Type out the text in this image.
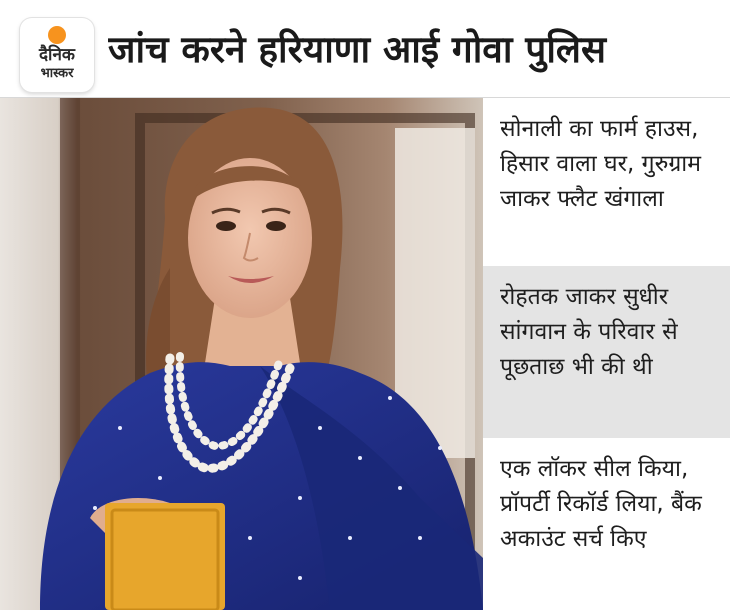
दैनिक
भास्कर
जांच करने हरियाणा आई गोवा पुलिस
सोनाली का फार्म हाउस, हिसार वाला घर, गुरुग्राम जाकर फ्लैट खंगाला
रोहतक जाकर सुधीर सांगवान के परिवार से पूछताछ भी की थी
एक लॉकर सील किया, प्रॉपर्टी रिकॉर्ड लिया, बैंक अकाउंट सर्च किए
